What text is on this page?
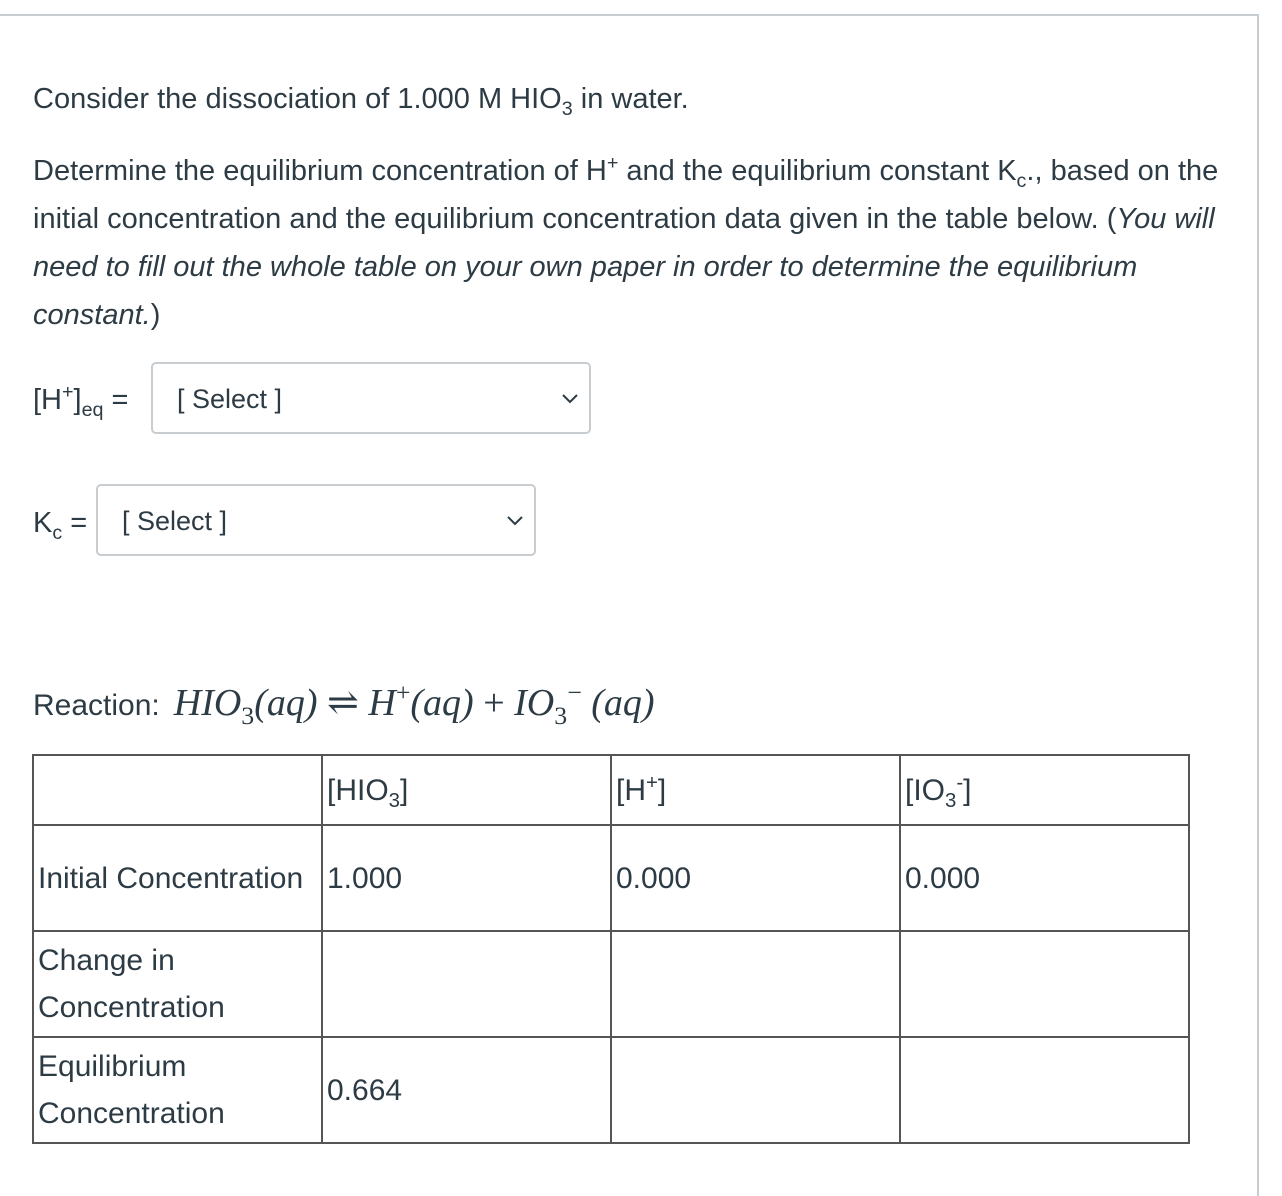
Consider the dissociation of 1.000 M $HIO_3$ in water.

Determine the equilibrium concentration of H+ and the equilibrium constant $K_c$., based on the initial concentration and the equilibrium concentration data given in the table below. (You will need to fill out the whole table on your own paper in order to determine the equilibrium constant.)

$[H^+]_{eq}$ = [ Select ]
$K_c$ = [ Select ]
Reaction: $HIO_3(aq)$ ⇌ $H^+(aq) + IO_3^-$ (aq)
	$[HIO_3]$	[H+]	$[IO_3^-]$
Initial Concentration	1.000	0.000	0.000
Change in Concentration			
Equilibrium Concentration	0.664		
